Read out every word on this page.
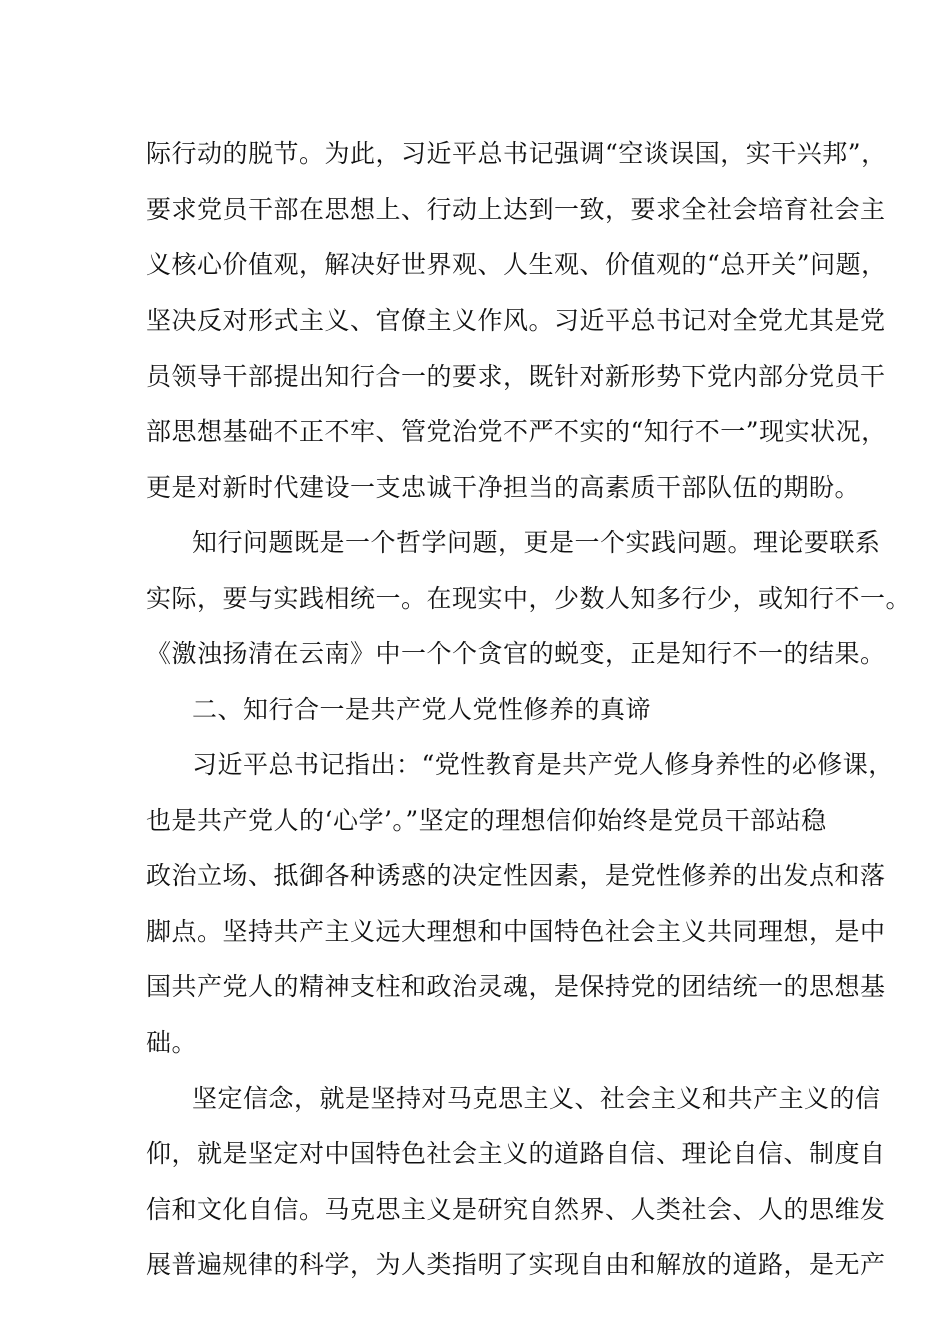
际行动的脱节。为此，习近平总书记强调“空谈误国，实干兴邦”，
要求党员干部在思想上、行动上达到一致，要求全社会培育社会主
义核心价值观，解决好世界观、人生观、价值观的“总开关”问题，
坚决反对形式主义、官僚主义作风。习近平总书记对全党尤其是党
员领导干部提出知行合一的要求，既针对新形势下党内部分党员干
部思想基础不正不牢、管党治党不严不实的“知行不一”现实状况，
更是对新时代建设一支忠诚干净担当的高素质干部队伍的期盼。
知行问题既是一个哲学问题，更是一个实践问题。理论要联系
实际，要与实践相统一。在现实中，少数人知多行少，或知行不一。
《激浊扬清在云南》中一个个贪官的蜕变，正是知行不一的结果。
二、知行合一是共产党人党性修养的真谛
习近平总书记指出：“党性教育是共产党人修身养性的必修课，
也是共产党人的‘心学’。”坚定的理想信仰始终是党员干部站稳
政治立场、抵御各种诱惑的决定性因素，是党性修养的出发点和落
脚点。坚持共产主义远大理想和中国特色社会主义共同理想，是中
国共产党人的精神支柱和政治灵魂，是保持党的团结统一的思想基
础。
坚定信念，就是坚持对马克思主义、社会主义和共产主义的信
仰，就是坚定对中国特色社会主义的道路自信、理论自信、制度自
信和文化自信。马克思主义是研究自然界、人类社会、人的思维发
展普遍规律的科学，为人类指明了实现自由和解放的道路，是无产
